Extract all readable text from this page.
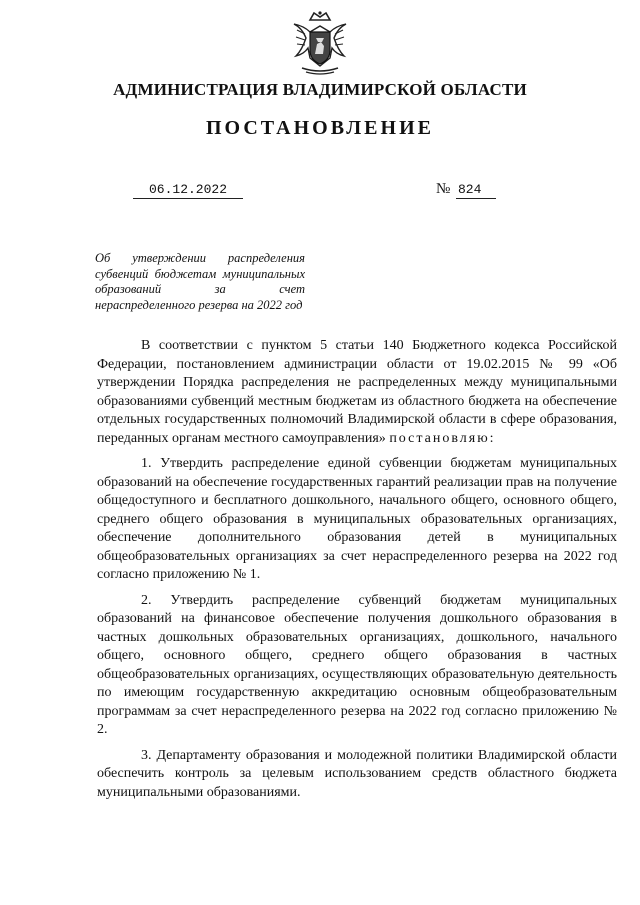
АДМИНИСТРАЦИЯ ВЛАДИМИРСКОЙ ОБЛАСТИ
ПОСТАНОВЛЕНИЕ
06.12.2022	№ 824
Об утверждении распределения субвенций бюджетам муниципальных образований за счет нераспределенного резерва на 2022 год

В соответствии с пунктом 5 статьи 140 Бюджетного кодекса Российской Федерации, постановлением администрации области от 19.02.2015 № 99 «Об утверждении Порядка распределения не распределенных между муниципальными образованиями субвенций местным бюджетам из областного бюджета на обеспечение отдельных государственных полномочий Владимирской области в сфере образования, переданных органам местного самоуправления» постановляю:

1. Утвердить распределение единой субвенции бюджетам муниципальных образований на обеспечение государственных гарантий реализации прав на получение общедоступного и бесплатного дошкольного, начального общего, основного общего, среднего общего образования в муниципальных образовательных организациях, обеспечение дополнительного образования детей в муниципальных общеобразовательных организациях за счет нераспределенного резерва на 2022 год согласно приложению № 1.

2. Утвердить распределение субвенций бюджетам муниципальных образований на финансовое обеспечение получения дошкольного образования в частных дошкольных образовательных организациях, дошкольного, начального общего, основного общего, среднего общего образования в частных общеобразовательных организациях, осуществляющих образовательную деятельность по имеющим государственную аккредитацию основным общеобразовательным программам за счет нераспределенного резерва на 2022 год согласно приложению № 2.

3. Департаменту образования и молодежной политики Владимирской области обеспечить контроль за целевым использованием средств областного бюджета муниципальными образованиями.
